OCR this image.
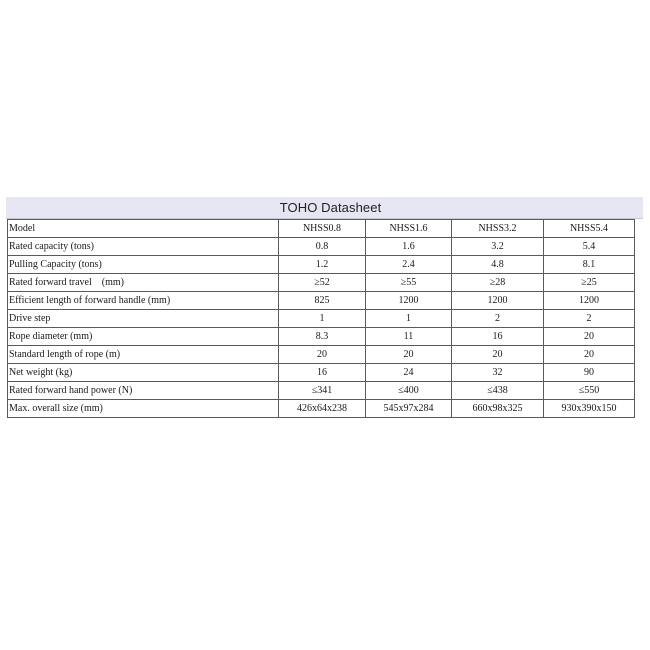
TOHO Datasheet
Model	NHSS0.8	NHSS1.6	NHSS3.2	NHSS5.4
Rated capacity (tons)	0.8	1.6	3.2	5.4
Pulling Capacity (tons)	1.2	2.4	4.8	8.1
Rated forward travel    (mm)	≥52	≥55	≥28	≥25
Efficient length of forward handle (mm)	825	1200	1200	1200
Drive step	1	1	2	2
Rope diameter (mm)	8.3	11	16	20
Standard length of rope (m)	20	20	20	20
Net weight (kg)	16	24	32	90
Rated forward hand power (N)	≤341	≤400	≤438	≤550
Max. overall size (mm)	426x64x238	545x97x284	660x98x325	930x390x150
